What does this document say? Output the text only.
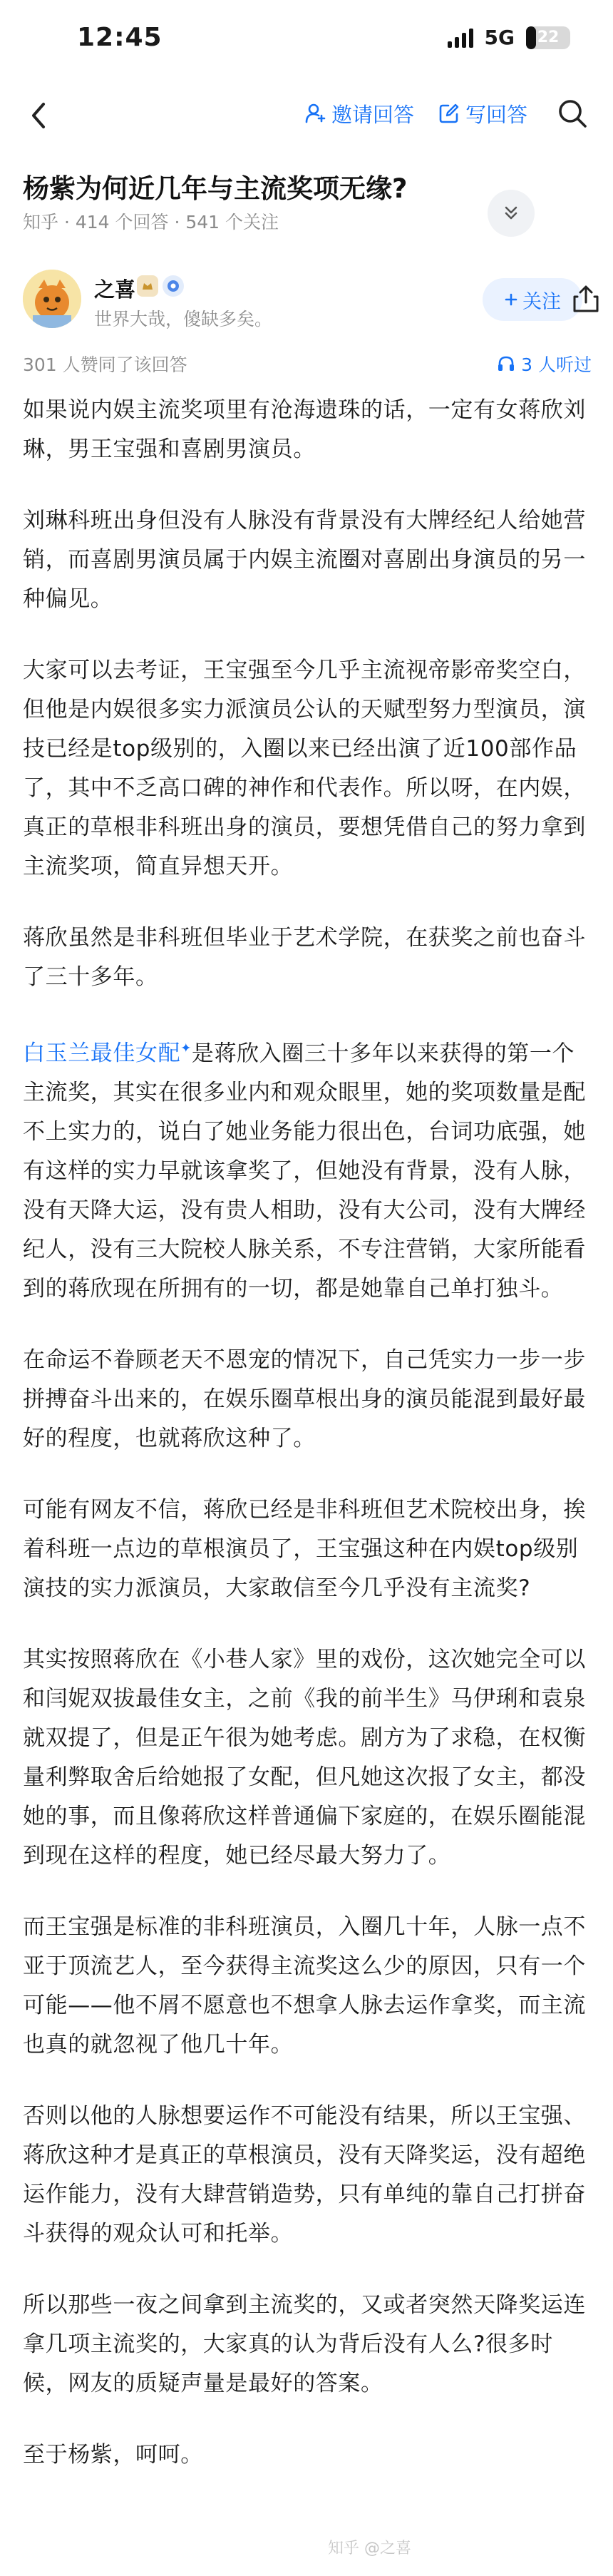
12:45	5G 22
邀请回答 写回答
杨紫为何近几年与主流奖项无缘?
知乎 · 414 个回答 · 541 个关注
之喜
世界大哉，傻缺多矣。
关注
301 人赞同了该回答	3 人听过

如果说内娱主流奖项里有沧海遗珠的话，一定有女蒋欣刘琳，男王宝强和喜剧男演员。

刘琳科班出身但没有人脉没有背景没有大牌经纪人给她营销，而喜剧男演员属于内娱主流圈对喜剧出身演员的另一种偏见。

大家可以去考证，王宝强至今几乎主流视帝影帝奖空白，但他是内娱很多实力派演员公认的天赋型努力型演员，演技已经是top级别的，入圈以来已经出演了近100部作品了，其中不乏高口碑的神作和代表作。所以呀，在内娱，真正的草根非科班出身的演员，要想凭借自己的努力拿到主流奖项，简直异想天开。

蒋欣虽然是非科班但毕业于艺术学院，在获奖之前也奋斗了三十多年。

白玉兰最佳女配✦是蒋欣入圈三十多年以来获得的第一个主流奖，其实在很多业内和观众眼里，她的奖项数量是配不上实力的，说白了她业务能力很出色，台词功底强，她有这样的实力早就该拿奖了，但她没有背景，没有人脉，没有天降大运，没有贵人相助，没有大公司，没有大牌经纪人，没有三大院校人脉关系，不专注营销，大家所能看到的蒋欣现在所拥有的一切，都是她靠自己单打独斗。

在命运不眷顾老天不恩宠的情况下，自己凭实力一步一步拼搏奋斗出来的，在娱乐圈草根出身的演员能混到最好最好的程度，也就蒋欣这种了。

可能有网友不信，蒋欣已经是非科班但艺术院校出身，挨着科班一点边的草根演员了，王宝强这种在内娱top级别演技的实力派演员，大家敢信至今几乎没有主流奖?

其实按照蒋欣在《小巷人家》里的戏份，这次她完全可以和闫妮双拔最佳女主，之前《我的前半生》马伊琍和袁泉就双提了，但是正午很为她考虑。剧方为了求稳，在权衡量利弊取舍后给她报了女配，但凡她这次报了女主，都没她的事，而且像蒋欣这样普通偏下家庭的，在娱乐圈能混到现在这样的程度，她已经尽最大努力了。

而王宝强是标准的非科班演员，入圈几十年，人脉一点不亚于顶流艺人，至今获得主流奖这么少的原因，只有一个可能——他不屑不愿意也不想拿人脉去运作拿奖，而主流也真的就忽视了他几十年。

否则以他的人脉想要运作不可能没有结果，所以王宝强、蒋欣这种才是真正的草根演员，没有天降奖运，没有超绝运作能力，没有大肆营销造势，只有单纯的靠自己打拼奋斗获得的观众认可和托举。

所以那些一夜之间拿到主流奖的，又或者突然天降奖运连拿几项主流奖的，大家真的认为背后没有人么?很多时候，网友的质疑声量是最好的答案。

至于杨紫，呵呵。

知乎 @之喜
